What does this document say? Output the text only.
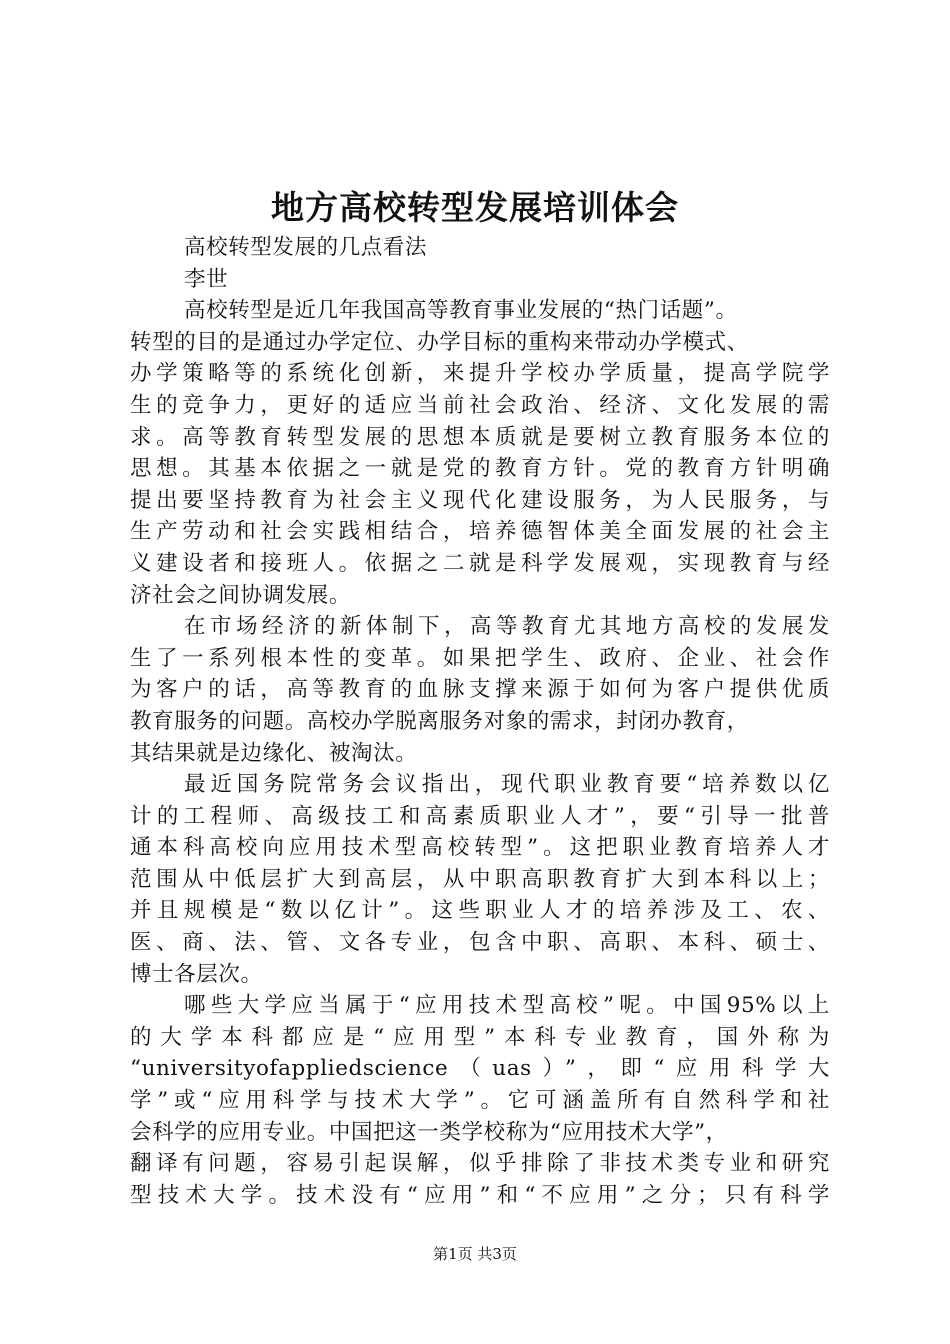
地方高校转型发展培训体会
高校转型发展的几点看法
李世
高校转型是近几年我国高等教育事业发展的“热门话题”。
转型的目的是通过办学定位、办学目标的重构来带动办学模式、
办学策略等的系统化创新，来提升学校办学质量，提高学院学
生的竞争力，更好的适应当前社会政治、经济、文化发展的需
求。高等教育转型发展的思想本质就是要树立教育服务本位的
思想。其基本依据之一就是党的教育方针。党的教育方针明确
提出要坚持教育为社会主义现代化建设服务，为人民服务，与
生产劳动和社会实践相结合，培养德智体美全面发展的社会主
义建设者和接班人。依据之二就是科学发展观，实现教育与经
济社会之间协调发展。
在市场经济的新体制下，高等教育尤其地方高校的发展发
生了一系列根本性的变革。如果把学生、政府、企业、社会作
为客户的话，高等教育的血脉支撑来源于如何为客户提供优质
教育服务的问题。高校办学脱离服务对象的需求，封闭办教育，
其结果就是边缘化、被淘汰。
最近国务院常务会议指出，现代职业教育要“培养数以亿
计的工程师、高级技工和高素质职业人才”，要“引导一批普
通本科高校向应用技术型高校转型”。这把职业教育培养人才
范围从中低层扩大到高层，从中职高职教育扩大到本科以上；
并且规模是“数以亿计”。这些职业人才的培养涉及工、农、
医、商、法、管、文各专业，包含中职、高职、本科、硕士、
博士各层次。
哪些大学应当属于“应用技术型高校”呢。中国95%以上
的大学本科都应是“应用型”本科专业教育，国外称为
“universityofappliedscience（uas）”，即“应用科学大
学”或“应用科学与技术大学”。它可涵盖所有自然科学和社
会科学的应用专业。中国把这一类学校称为“应用技术大学”，
翻译有问题，容易引起误解，似乎排除了非技术类专业和研究
型技术大学。技术没有“应用”和“不应用”之分；只有科学
第1页 共3页
